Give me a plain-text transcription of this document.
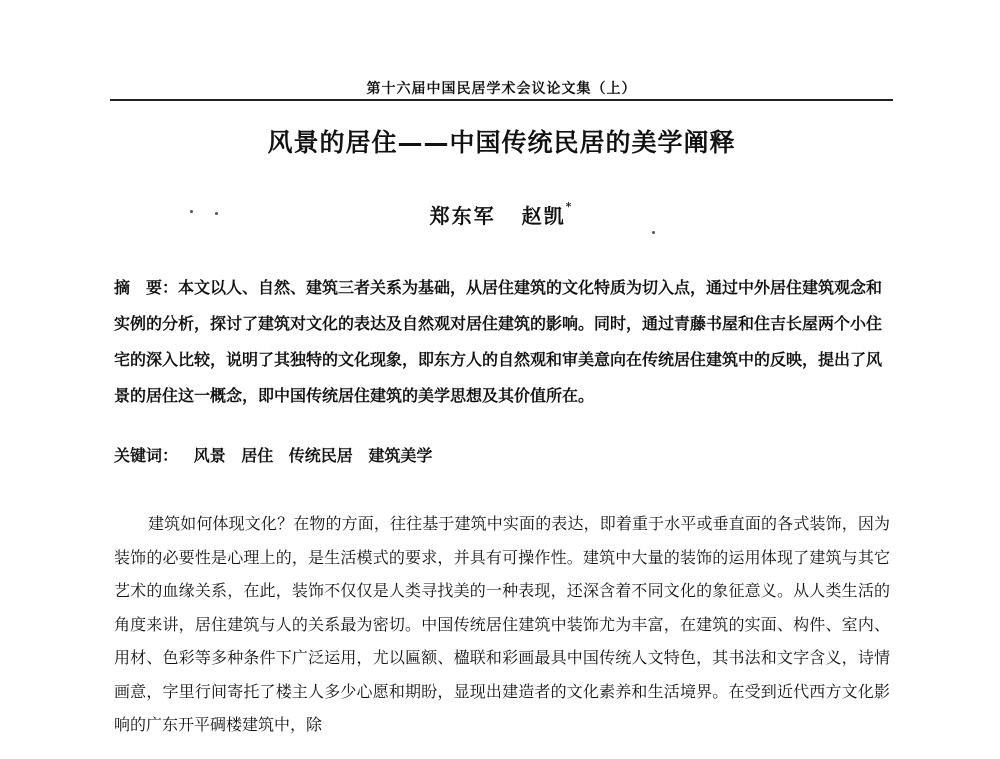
第十六届中国民居学术会议论文集（上）
风景的居住——中国传统民居的美学阐释
郑东军 赵凯*
摘　要：本文以人、自然、建筑三者关系为基础，从居住建筑的文化特质为切入点，通过中外居住建筑观念和实例的分析，探讨了建筑对文化的表达及自然观对居住建筑的影响。同时，通过青藤书屋和住吉长屋两个小住宅的深入比较，说明了其独特的文化现象，即东方人的自然观和审美意向在传统居住建筑中的反映，提出了风景的居住这一概念，即中国传统居住建筑的美学思想及其价值所在。
关键词： 风景 居住 传统民居 建筑美学
建筑如何体现文化？在物的方面，往往基于建筑中实面的表达，即着重于水平或垂直面的各式装饰，因为装饰的必要性是心理上的，是生活模式的要求，并具有可操作性。建筑中大量的装饰的运用体现了建筑与其它艺术的血缘关系，在此，装饰不仅仅是人类寻找美的一种表现，还深含着不同文化的象征意义。从人类生活的角度来讲，居住建筑与人的关系最为密切。中国传统居住建筑中装饰尤为丰富，在建筑的实面、构件、室内、用材、色彩等多种条件下广泛运用，尤以匾额、楹联和彩画最具中国传统人文特色，其书法和文字含义，诗情画意，字里行间寄托了楼主人多少心愿和期盼，显现出建造者的文化素养和生活境界。在受到近代西方文化影响的广东开平碉楼建筑中，除
